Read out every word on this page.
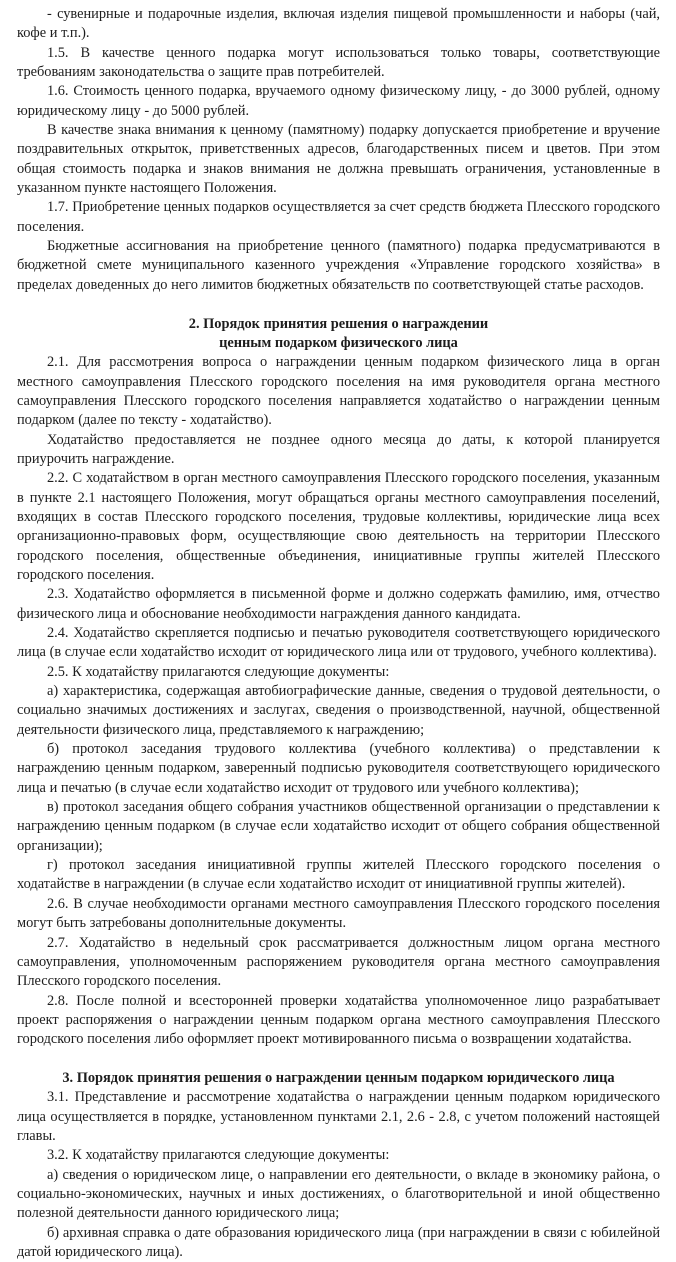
- сувенирные и подарочные изделия, включая изделия пищевой промышленности и наборы (чай, кофе и т.п.).

1.5. В качестве ценного подарка могут использоваться только товары, соответствующие требованиям законодательства о защите прав потребителей.

1.6. Стоимость ценного подарка, вручаемого одному физическому лицу, - до 3000 рублей, одному юридическому лицу - до 5000 рублей.

В качестве знака внимания к ценному (памятному) подарку допускается приобретение и вручение поздравительных открыток, приветственных адресов, благодарственных писем и цветов. При этом общая стоимость подарка и знаков внимания не должна превышать ограничения, установленные в указанном пункте настоящего Положения.

1.7. Приобретение ценных подарков осуществляется за счет средств бюджета Плесского городского поселения.

Бюджетные ассигнования на приобретение ценного (памятного) подарка предусматриваются в бюджетной смете муниципального казенного учреждения «Управление городского хозяйства» в пределах доведенных до него лимитов бюджетных обязательств по соответствующей статье расходов.

2. Порядок принятия решения о награждении
ценным подарком физического лица

2.1. Для рассмотрения вопроса о награждении ценным подарком физического лица в орган местного самоуправления Плесского городского поселения на имя руководителя органа местного самоуправления Плесского городского поселения направляется ходатайство о награждении ценным подарком (далее по тексту - ходатайство).

Ходатайство предоставляется не позднее одного месяца до даты, к которой планируется приурочить награждение.

2.2. С ходатайством в орган местного самоуправления Плесского городского поселения, указанным в пункте 2.1 настоящего Положения, могут обращаться органы местного самоуправления поселений, входящих в состав Плесского городского поселения, трудовые коллективы, юридические лица всех организационно-правовых форм, осуществляющие свою деятельность на территории Плесского городского поселения, общественные объединения, инициативные группы жителей Плесского городского поселения.

2.3. Ходатайство оформляется в письменной форме и должно содержать фамилию, имя, отчество физического лица и обоснование необходимости награждения данного кандидата.

2.4. Ходатайство скрепляется подписью и печатью руководителя соответствующего юридического лица (в случае если ходатайство исходит от юридического лица или от трудового, учебного коллектива).

2.5. К ходатайству прилагаются следующие документы:

а) характеристика, содержащая автобиографические данные, сведения о трудовой деятельности, о социально значимых достижениях и заслугах, сведения о производственной, научной, общественной деятельности физического лица, представляемого к награждению;

б) протокол заседания трудового коллектива (учебного коллектива) о представлении к награждению ценным подарком, заверенный подписью руководителя соответствующего юридического лица и печатью (в случае если ходатайство исходит от трудового или учебного коллектива);

в) протокол заседания общего собрания участников общественной организации о представлении к награждению ценным подарком (в случае если ходатайство исходит от общего собрания общественной организации);

г) протокол заседания инициативной группы жителей Плесского городского поселения о ходатайстве в награждении (в случае если ходатайство исходит от инициативной группы жителей).

2.6. В случае необходимости органами местного самоуправления Плесского городского поселения могут быть затребованы дополнительные документы.

2.7. Ходатайство в недельный срок рассматривается должностным лицом органа местного самоуправления, уполномоченным распоряжением руководителя органа местного самоуправления Плесского городского поселения.

2.8. После полной и всесторонней проверки ходатайства уполномоченное лицо разрабатывает проект распоряжения о награждении ценным подарком органа местного самоуправления Плесского городского поселения либо оформляет проект мотивированного письма о возвращении ходатайства.

3. Порядок принятия решения о награждении ценным подарком юридического лица

3.1. Представление и рассмотрение ходатайства о награждении ценным подарком юридического лица осуществляется в порядке, установленном пунктами 2.1, 2.6 - 2.8, с учетом положений настоящей главы.

3.2. К ходатайству прилагаются следующие документы:

а) сведения о юридическом лице, о направлении его деятельности, о вкладе в экономику района, о социально-экономических, научных и иных достижениях, о благотворительной и иной общественно полезной деятельности данного юридического лица;

б) архивная справка о дате образования юридического лица (при награждении в связи с юбилейной датой юридического лица).
